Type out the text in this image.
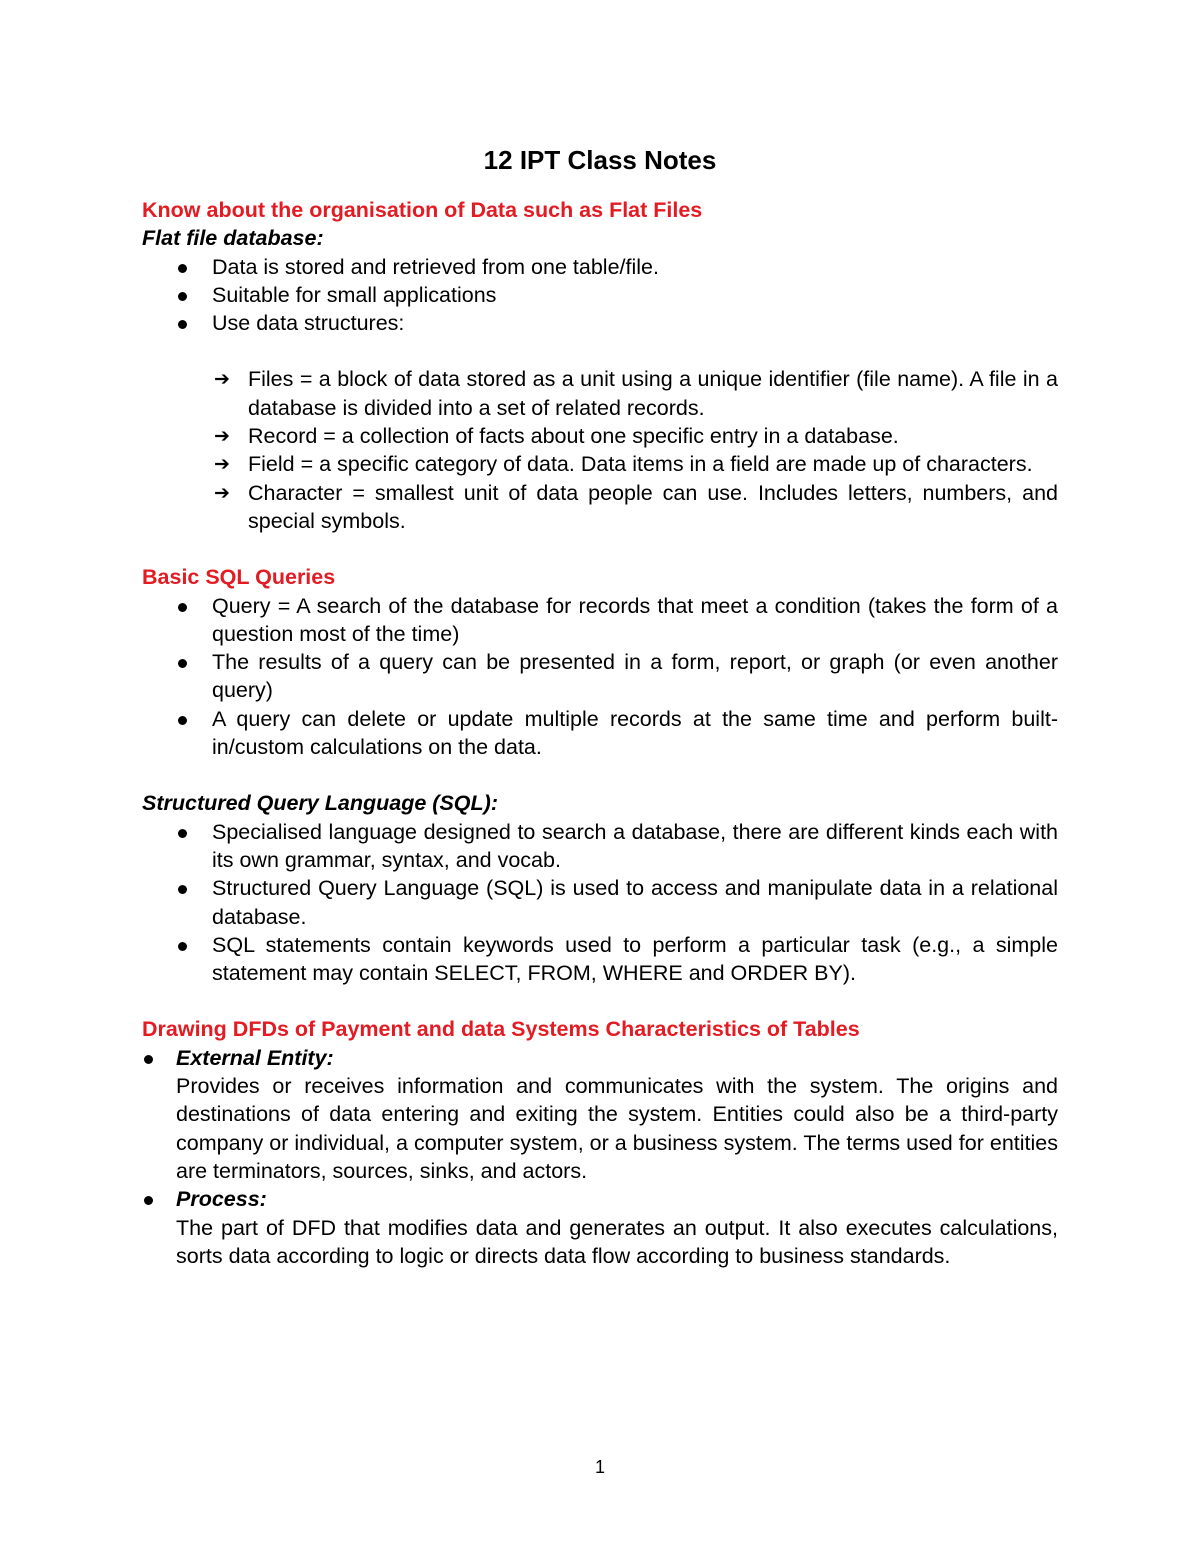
12 IPT Class Notes

Know about the organisation of Data such as Flat Files

Flat file database:

Data is stored and retrieved from one table/file.
Suitable for small applications
Use data structures:
➔ Files = a block of data stored as a unit using a unique identifier (file name). A file in a database is divided into a set of related records.
➔ Record = a collection of facts about one specific entry in a database.
➔ Field = a specific category of data. Data items in a field are made up of characters.
➔ Character = smallest unit of data people can use. Includes letters, numbers, and special symbols.

Basic SQL Queries

Query = A search of the database for records that meet a condition (takes the form of a question most of the time)
The results of a query can be presented in a form, report, or graph (or even another query)
A query can delete or update multiple records at the same time and perform built-in/custom calculations on the data.

Structured Query Language (SQL):

Specialised language designed to search a database, there are different kinds each with its own grammar, syntax, and vocab.
Structured Query Language (SQL) is used to access and manipulate data in a relational database.
SQL statements contain keywords used to perform a particular task (e.g., a simple statement may contain SELECT, FROM, WHERE and ORDER BY).

Drawing DFDs of Payment and data Systems Characteristics of Tables

External Entity:
Provides or receives information and communicates with the system. The origins and destinations of data entering and exiting the system. Entities could also be a third-party company or individual, a computer system, or a business system. The terms used for entities are terminators, sources, sinks, and actors.
Process:
The part of DFD that modifies data and generates an output. It also executes calculations, sorts data according to logic or directs data flow according to business standards.
1
